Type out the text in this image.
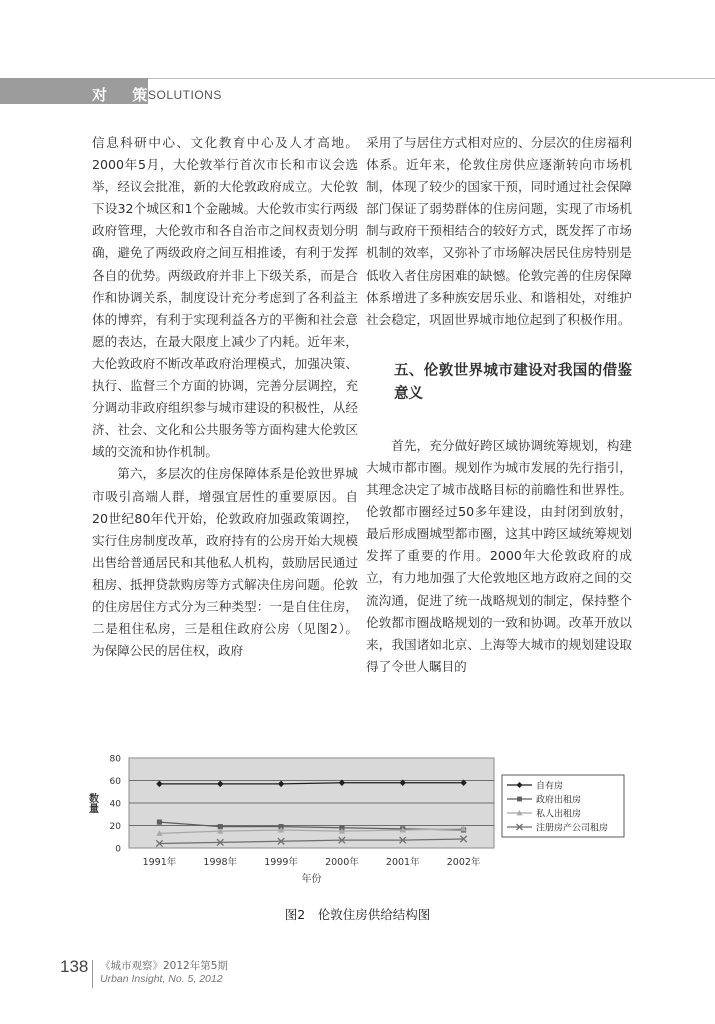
对 策
SOLUTIONS

信息科研中心、文化教育中心及人才高地。2000年5月，大伦敦举行首次市长和市议会选举，经议会批准，新的大伦敦政府成立。大伦敦下设32个城区和1个金融城。大伦敦市实行两级政府管理，大伦敦市和各自治市之间权责划分明确，避免了两级政府之间互相推诿，有利于发挥各自的优势。两级政府并非上下级关系，而是合作和协调关系，制度设计充分考虑到了各利益主体的博弈，有利于实现利益各方的平衡和社会意愿的表达，在最大限度上减少了内耗。近年来，大伦敦政府不断改革政府治理模式，加强决策、执行、监督三个方面的协调，完善分层调控，充分调动非政府组织参与城市建设的积极性，从经济、社会、文化和公共服务等方面构建大伦敦区域的交流和协作机制。

第六，多层次的住房保障体系是伦敦世界城市吸引高端人群，增强宜居性的重要原因。自20世纪80年代开始，伦敦政府加强政策调控，实行住房制度改革，政府持有的公房开始大规模出售给普通居民和其他私人机构，鼓励居民通过租房、抵押贷款购房等方式解决住房问题。伦敦的住房居住方式分为三种类型：一是自住住房，二是租住私房，三是租住政府公房（见图2）。为保障公民的居住权，政府

采用了与居住方式相对应的、分层次的住房福利体系。近年来，伦敦住房供应逐渐转向市场机制，体现了较少的国家干预，同时通过社会保障部门保证了弱势群体的住房问题，实现了市场机制与政府干预相结合的较好方式，既发挥了市场机制的效率，又弥补了市场解决居民住房特别是低收入者住房困难的缺憾。伦敦完善的住房保障体系增进了多种族安居乐业、和谐相处，对维护社会稳定，巩固世界城市地位起到了积极作用。

五、伦敦世界城市建设对我国的借鉴意义

首先，充分做好跨区域协调统筹规划，构建大城市都市圈。规划作为城市发展的先行指引，其理念决定了城市战略目标的前瞻性和世界性。伦敦都市圈经过50多年建设，由封闭到放射，最后形成圈城型都市圈，这其中跨区域统筹规划发挥了重要的作用。2000年大伦敦政府的成立，有力地加强了大伦敦地区地方政府之间的交流沟通，促进了统一战略规划的制定，保持整个伦敦都市圈战略规划的一致和协调。改革开放以来，我国诸如北京、上海等大城市的规划建设取得了令世人瞩目的

0
20
40
60
80
数量
1991年	1998年	1999年	2000年	2001年	2002年
年份
自有房
政府出租房
私人出租房
注册房产公司租房
图2　伦敦住房供给结构图
138 《城市观察》2012年第5期
Urban Insight, No. 5, 2012
